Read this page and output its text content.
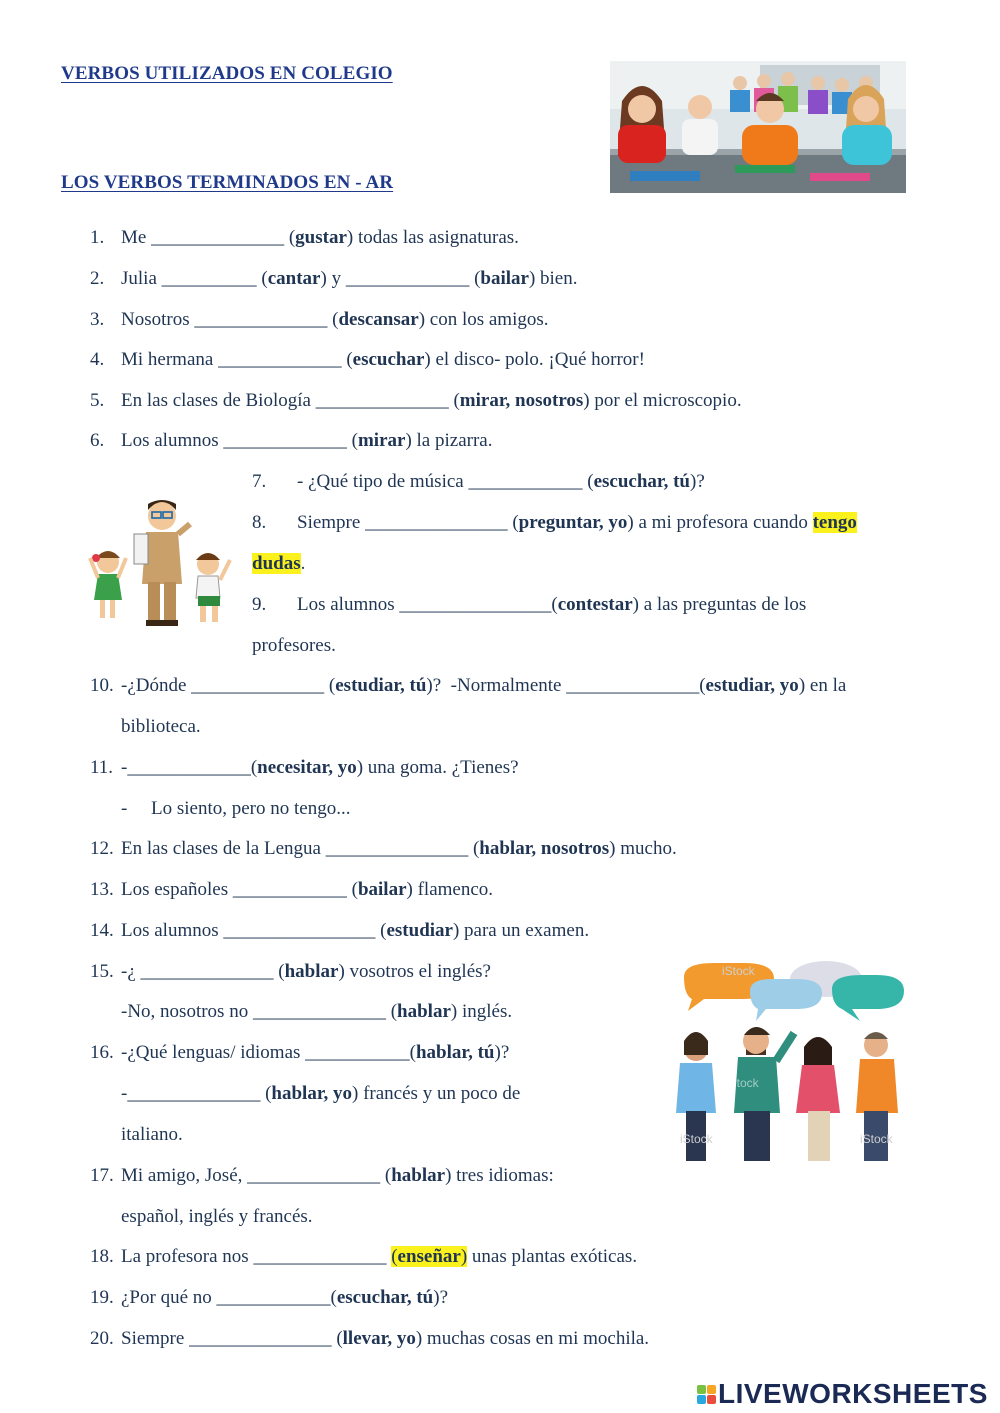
VERBOS UTILIZADOS EN COLEGIO
LOS VERBOS TERMINADOS EN - AR
1. Me ______________ (gustar) todas las asignaturas.
2. Julia __________ (cantar) y _____________ (bailar) bien.
3. Nosotros ______________ (descansar) con los amigos.
4. Mi hermana _____________ (escuchar) el disco- polo. ¡Qué horror!
5. En las clases de Biología ______________ (mirar, nosotros) por el microscopio.
6. Los alumnos _____________ (mirar) la pizarra.
7. - ¿Qué tipo de música ____________ (escuchar, tú)?
8. Siempre _______________ (preguntar, yo) a mi profesora cuando tengo
dudas.
9. Los alumnos ________________(contestar) a las preguntas de los
profesores.
10. -¿Dónde ______________ (estudiar, tú)?  -Normalmente ______________(estudiar, yo) en la
biblioteca.
11. -_____________(necesitar, yo) una goma. ¿Tienes?
- Lo siento, pero no tengo...
12. En las clases de la Lengua _______________ (hablar, nosotros) mucho.
13. Los españoles ____________ (bailar) flamenco.
14. Los alumnos ________________ (estudiar) para un examen.
15. -¿ ______________ (hablar) vosotros el inglés?
-No, nosotros no ______________ (hablar) inglés.
16. -¿Qué lenguas/ idiomas ___________(hablar, tú)?
-______________ (hablar, yo) francés y un poco de
italiano.
17. Mi amigo, José, ______________ (hablar) tres idiomas:
español, inglés y francés.
18. La profesora nos ______________ (enseñar) unas plantas exóticas.
19. ¿Por qué no ____________(escuchar, tú)?
20. Siempre _______________ (llevar, yo) muchas cosas en mi mochila.
iStock
iStock
iStock	iStock
LIVEWORKSHEETS
